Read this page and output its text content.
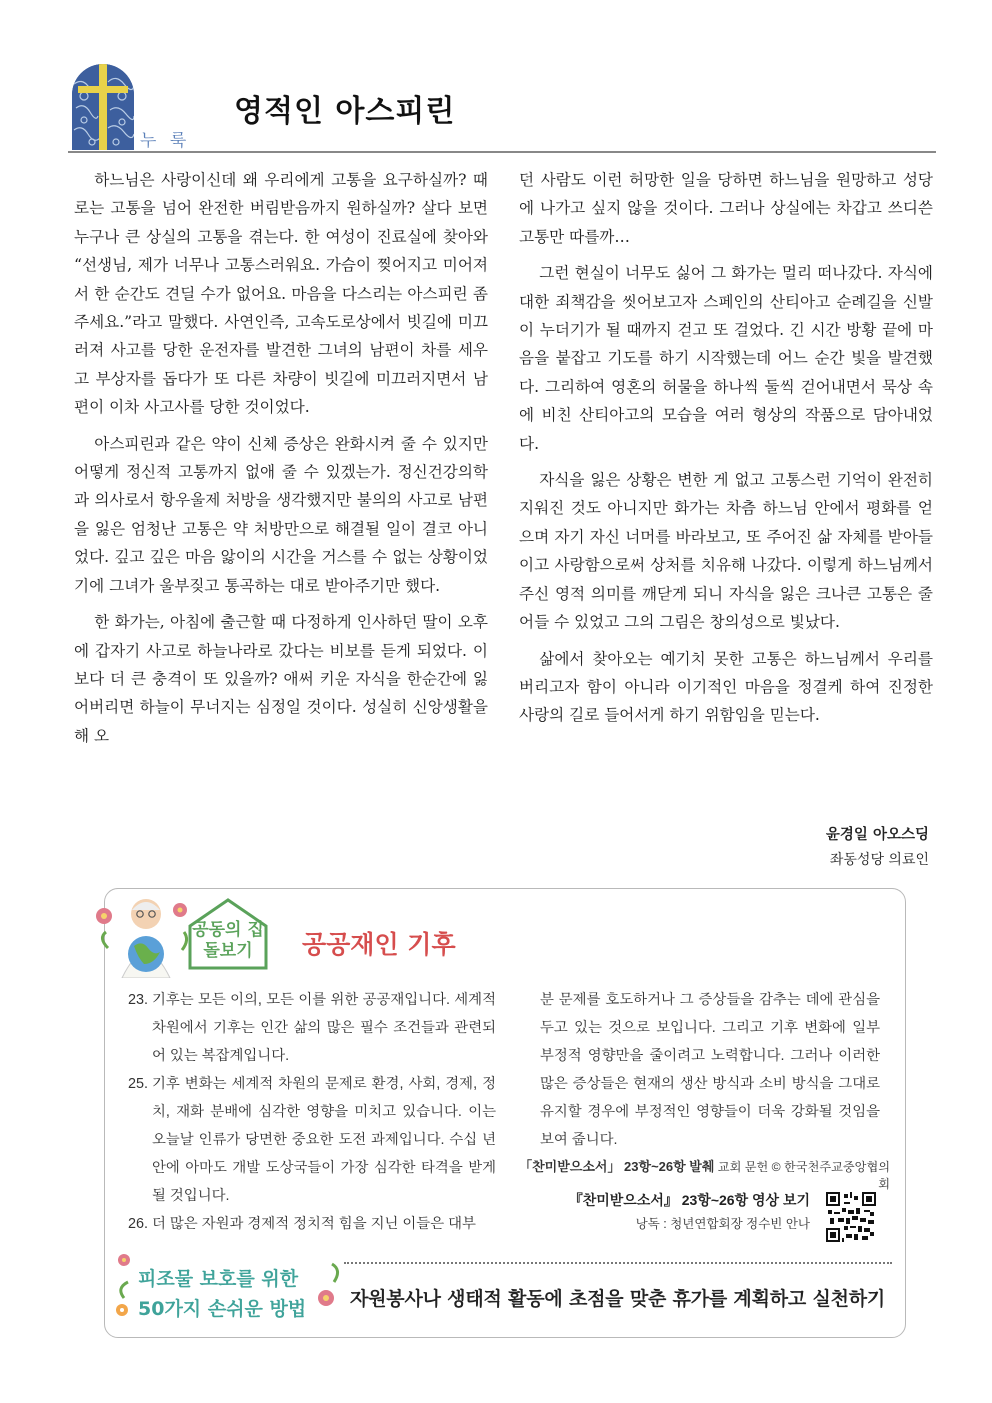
누 룩
영적인 아스피린

하느님은 사랑이신데 왜 우리에게 고통을 요구하실까? 때로는 고통을 넘어 완전한 버림받음까지 원하실까? 살다 보면 누구나 큰 상실의 고통을 겪는다. 한 여성이 진료실에 찾아와 “선생님, 제가 너무나 고통스러워요. 가슴이 찢어지고 미어져서 한 순간도 견딜 수가 없어요. 마음을 다스리는 아스피린 좀 주세요.”라고 말했다. 사연인즉, 고속도로상에서 빗길에 미끄러져 사고를 당한 운전자를 발견한 그녀의 남편이 차를 세우고 부상자를 돕다가 또 다른 차량이 빗길에 미끄러지면서 남편이 이차 사고사를 당한 것이었다.

아스피린과 같은 약이 신체 증상은 완화시켜 줄 수 있지만 어떻게 정신적 고통까지 없애 줄 수 있겠는가. 정신건강의학과 의사로서 항우울제 처방을 생각했지만 불의의 사고로 남편을 잃은 엄청난 고통은 약 처방만으로 해결될 일이 결코 아니었다. 깊고 깊은 마음 앓이의 시간을 거스를 수 없는 상황이었기에 그녀가 울부짖고 통곡하는 대로 받아주기만 했다.

한 화가는, 아침에 출근할 때 다정하게 인사하던 딸이 오후에 갑자기 사고로 하늘나라로 갔다는 비보를 듣게 되었다. 이보다 더 큰 충격이 또 있을까? 애써 키운 자식을 한순간에 잃어버리면 하늘이 무너지는 심정일 것이다. 성실히 신앙생활을 해 오

던 사람도 이런 허망한 일을 당하면 하느님을 원망하고 성당에 나가고 싶지 않을 것이다. 그러나 상실에는 차갑고 쓰디쓴 고통만 따를까…

그런 현실이 너무도 싫어 그 화가는 멀리 떠나갔다. 자식에 대한 죄책감을 씻어보고자 스페인의 산티아고 순례길을 신발이 누더기가 될 때까지 걷고 또 걸었다. 긴 시간 방황 끝에 마음을 붙잡고 기도를 하기 시작했는데 어느 순간 빛을 발견했다. 그리하여 영혼의 허물을 하나씩 둘씩 걷어내면서 묵상 속에 비친 산티아고의 모습을 여러 형상의 작품으로 담아내었다.

자식을 잃은 상황은 변한 게 없고 고통스런 기억이 완전히 지워진 것도 아니지만 화가는 차츰 하느님 안에서 평화를 얻으며 자기 자신 너머를 바라보고, 또 주어진 삶 자체를 받아들이고 사랑함으로써 상처를 치유해 나갔다. 이렇게 하느님께서 주신 영적 의미를 깨닫게 되니 자식을 잃은 크나큰 고통은 줄어들 수 있었고 그의 그림은 창의성으로 빛났다.

삶에서 찾아오는 예기치 못한 고통은 하느님께서 우리를 버리고자 함이 아니라 이기적인 마음을 정결케 하여 진정한 사랑의 길로 들어서게 하기 위함임을 믿는다.

윤경일 아오스딩
좌동성당 의료인
공동의 집
돌보기	공공재인 기후
23. 기후는 모든 이의, 모든 이를 위한 공공재입니다. 세계적 차원에서 기후는 인간 삶의 많은 필수 조건들과 관련되어 있는 복잡계입니다.
25. 기후 변화는 세계적 차원의 문제로 환경, 사회, 경제, 정치, 재화 분배에 심각한 영향을 미치고 있습니다. 이는 오늘날 인류가 당면한 중요한 도전 과제입니다. 수십 년 안에 아마도 개발 도상국들이 가장 심각한 타격을 받게 될 것입니다.
26. 더 많은 자원과 경제적 정치적 힘을 지닌 이들은 대부
분 문제를 호도하거나 그 증상들을 감추는 데에 관심을 두고 있는 것으로 보입니다. 그리고 기후 변화에 일부 부정적 영향만을 줄이려고 노력합니다. 그러나 이러한 많은 증상들은 현재의 생산 방식과 소비 방식을 그대로 유지할 경우에 부정적인 영향들이 더욱 강화될 것임을 보여 줍니다.
「찬미받으소서」 23항~26항 발췌 교회 문헌 © 한국천주교중앙협의회
『찬미받으소서』 23항~26항 영상 보기
낭독 : 청년연합회장 정수빈 안나
피조물 보호를 위한
50가지 손쉬운 방법 자원봉사나 생태적 활동에 초점을 맞춘 휴가를 계획하고 실천하기
